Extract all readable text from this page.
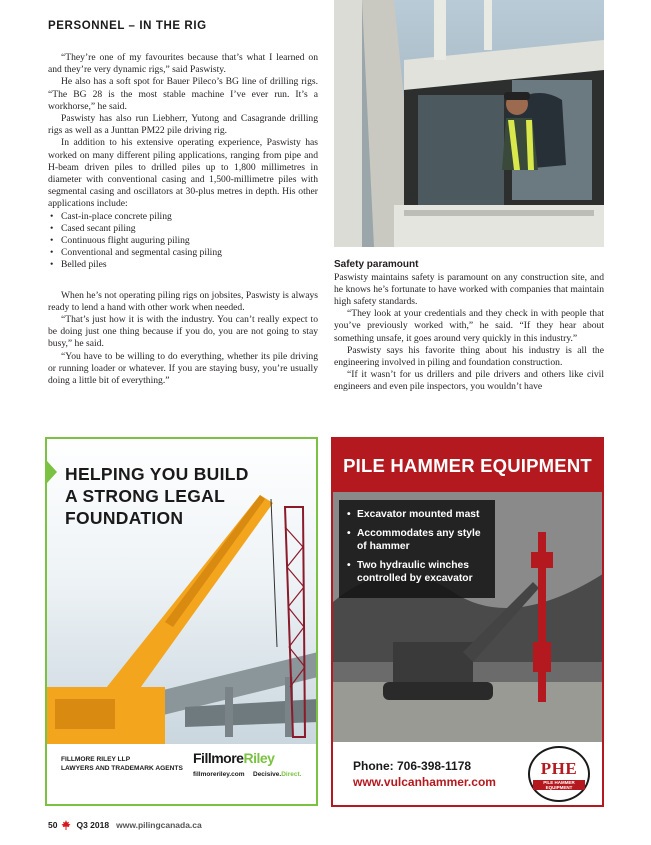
PERSONNEL – IN THE RIG

“They’re one of my favourites because that’s what I learned on and they’re very dynamic rigs,” said Paswisty.

He also has a soft spot for Bauer Pileco’s BG line of drilling rigs. “The BG 28 is the most stable machine I’ve ever run. It’s a workhorse,” he said.

Paswisty has also run Liebherr, Yutong and Casagrande drilling rigs as well as a Junttan PM22 pile driving rig.

In addition to his extensive operating experience, Paswisty has worked on many different piling applications, ranging from pipe and H-beam driven piles to drilled piles up to 1,800 millimetres in diameter with conventional casing and 1,500-millimetre piles with segmental casing and oscillators at 30-plus metres in depth. His other applications include:

• Cast-in-place concrete piling
• Cased secant piling
• Continuous flight auguring piling
• Conventional and segmental casing piling
• Belled piles

When he’s not operating piling rigs on jobsites, Paswisty is always ready to lend a hand with other work when needed.

“That’s just how it is with the industry. You can’t really expect to be doing just one thing because if you do, you are not going to stay busy,” he said.

“You have to be willing to do everything, whether its pile driving or running loader or whatever. If you are staying busy, you’re usually doing a little bit of everything.”

Safety paramount

Paswisty maintains safety is paramount on any construction site, and he knows he’s fortunate to have worked with companies that maintain high safety standards.

“They look at your credentials and they check in with people that you’ve previously worked with,” he said. “If they hear about something unsafe, it goes around very quickly in this industry.”

Paswisty says his favorite thing about his industry is all the engineering involved in piling and foundation construction.

“If it wasn’t for us drillers and pile drivers and others like civil engineers and even pile inspectors, you wouldn’t have

HELPING YOU BUILD
A STRONG LEGAL
FOUNDATION
FILLMORE RILEY LLP
LAWYERS AND TRADEMARK AGENTS
FillmoreRiley
fillmoreriley.com Decisive.Direct.
PILE HAMMER EQUIPMENT
• Excavator mounted mast
• Accommodates any style of hammer
• Two hydraulic winches controlled by excavator
Phone: 706-398-1178
www.vulcanhammer.com
PHE
PILE HAMMER EQUIPMENT
50 Q3 2018 www.pilingcanada.ca
